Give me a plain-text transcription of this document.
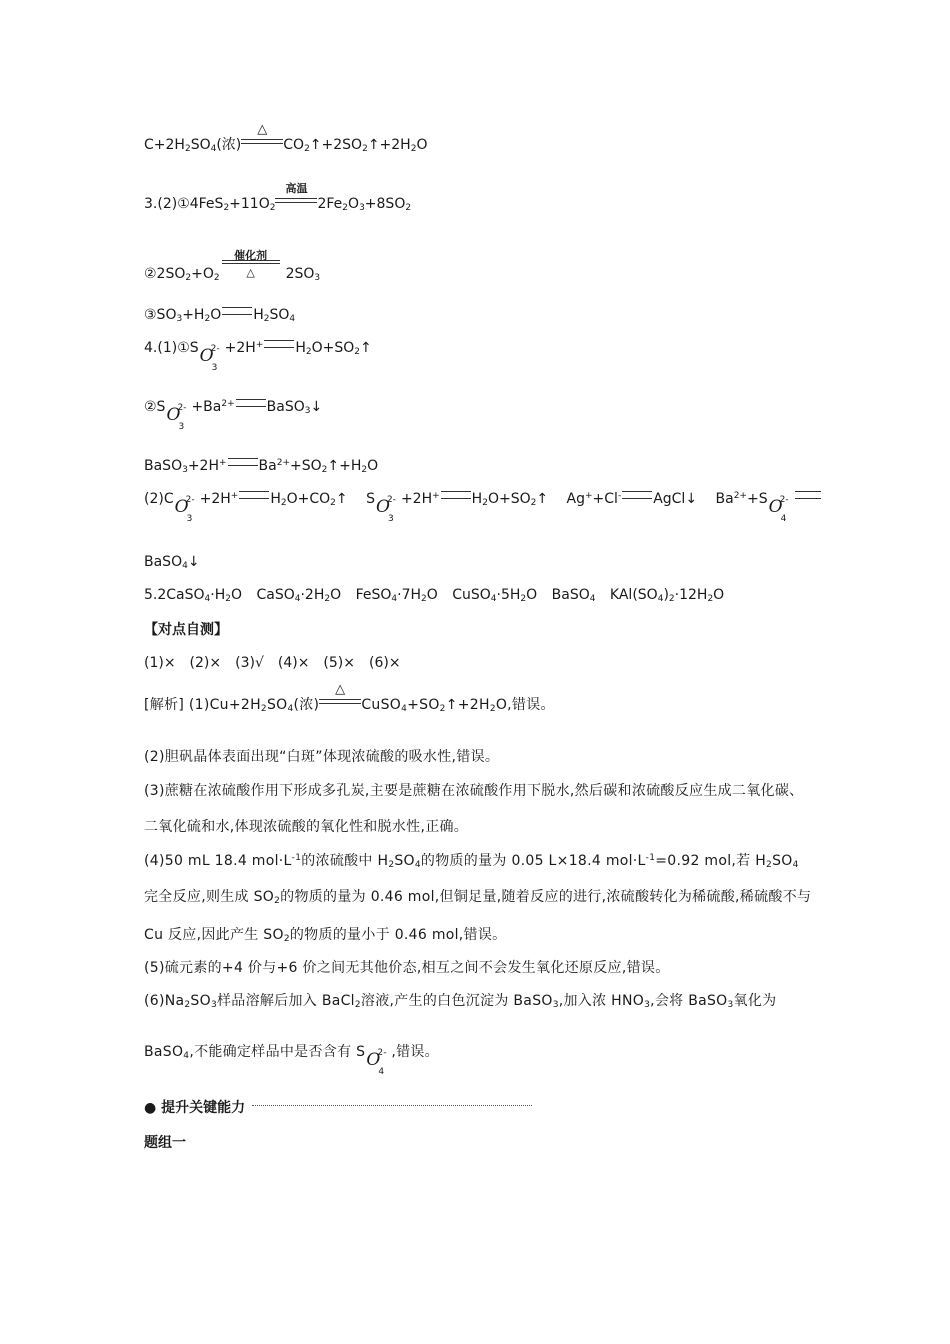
$C+2H_2SO_4$(浓)
△
$CO_2↑+2SO_2↑+2H_2O$
$3.(2)①4FeS_2+11O_2$
高温
$2Fe_2O_3+8SO_2$
$②2SO_2+O_2$
催化剂
△	$2SO_3$
$③SO_3+H_2O$ $H_2SO_4$
4.(1)①S O
3
2- +2H+ $H_2O+SO_2↑$
②S O
3
$2- +Ba^{2+}$ BaSO$_3$↓
BaSO$_3$+2H+ $Ba^{2+}+SO_2↑+H_2O$
(2)C O
3
2- +2H+ $H_2O+CO_2↑$ S O
3
2- +2H+ $H_2O+SO_2↑$ Ag++Cl- AgCl↓ $Ba^{2+}+S$ O
4
2-
BaSO$_4$↓
$5.2CaSO_4\cdot H_2O$ $CaSO_4\cdot 2H_2O$ $FeSO_4\cdot 7H_2O$ $CuSO_4\cdot 5H_2O$ BaSO$_4$ $KAl(SO_4)_2\cdot 12H_2O$
【对点自测】
(1)×　(2)×　(3)√　(4)×　(5)×　(6)×
[解析] $(1)Cu+2H_2SO_4$(浓)
△
$CuSO_4+SO_2↑+2H_2O$,错误。
(2)胆矾晶体表面出现“白斑”体现浓硫酸的吸水性,错误。
(3)蔗糖在浓硫酸作用下形成多孔炭,主要是蔗糖在浓硫酸作用下脱水,然后碳和浓硫酸反应生成二氧化碳、
二氧化硫和水,体现浓硫酸的氧化性和脱水性,正确。
(4)50 mL 18.4 $mol\cdot L^{-1}$的浓硫酸中 $H_2SO_4$的物质的量为 0.05 L×18.4 $mol\cdot L^{-1}=0.92$ mol,若 $H_2SO_4$
完全反应,则生成 $SO_2$的物质的量为 0.46 mol,但铜足量,随着反应的进行,浓硫酸转化为稀硫酸,稀硫酸不与
Cu 反应,因此产生 $SO_2$的物质的量小于 0.46 mol,错误。
(5)硫元素的+4 价与+6 价之间无其他价态,相互之间不会发生氧化还原反应,错误。
$(6)Na_2SO_3$样品溶解后加入 BaCl$_2$溶液,产生的白色沉淀为 BaSO$_3$,加入浓 $HNO_3$,会将 BaSO$_3$氧化为
BaSO$_4$,不能确定样品中是否含有 S O
4
2- ,错误。
● 提升关键能力
题组一
